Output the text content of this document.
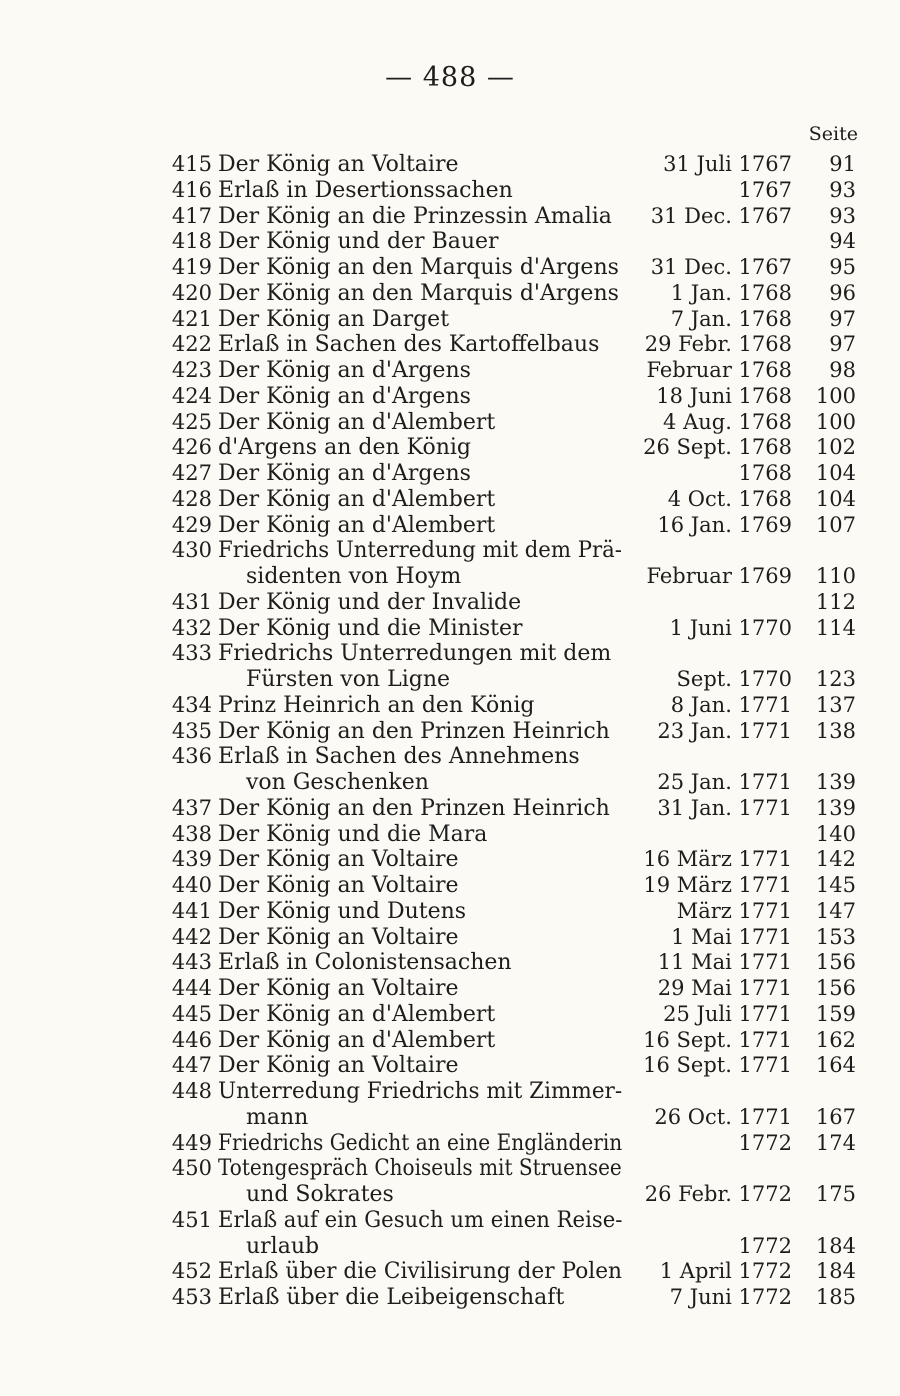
— 488 —
Seite
415 Der König an Voltaire	31 Juli 1767 91
416 Erlaß in Desertionssachen	1767 93
417 Der König an die Prinzessin Amalia 31 Dec. 1767 93
418 Der König und der Bauer	94
419 Der König an den Marquis d'Argens 31 Dec. 1767 95
420 Der König an den Marquis d'Argens 1 Jan. 1768 96
421 Der König an Darget	7 Jan. 1768 97
422 Erlaß in Sachen des Kartoffelbaus 29 Febr. 1768 97
423 Der König an d'Argens	Februar 1768 98
424 Der König an d'Argens	18 Juni 1768 100
425 Der König an d'Alembert	4 Aug. 1768 100
426 d'Argens an den König	26 Sept. 1768 102
427 Der König an d'Argens	1768 104
428 Der König an d'Alembert	4 Oct. 1768 104
429 Der König an d'Alembert	16 Jan. 1769 107
430 Friedrichs Unterredung mit dem Prä-
sidenten von Hoym	Februar 1769 110
431 Der König und der Invalide	112
432 Der König und die Minister	1 Juni 1770 114
433 Friedrichs Unterredungen mit dem
Fürsten von Ligne	Sept. 1770 123
434 Prinz Heinrich an den König	8 Jan. 1771 137
435 Der König an den Prinzen Heinrich 23 Jan. 1771 138
436 Erlaß in Sachen des Annehmens
von Geschenken	25 Jan. 1771 139
437 Der König an den Prinzen Heinrich 31 Jan. 1771 139
438 Der König und die Mara	140
439 Der König an Voltaire	16 März 1771 142
440 Der König an Voltaire	19 März 1771 145
441 Der König und Dutens	März 1771 147
442 Der König an Voltaire	1 Mai 1771 153
443 Erlaß in Colonistensachen	11 Mai 1771 156
444 Der König an Voltaire	29 Mai 1771 156
445 Der König an d'Alembert	25 Juli 1771 159
446 Der König an d'Alembert	16 Sept. 1771 162
447 Der König an Voltaire	16 Sept. 1771 164
448 Unterredung Friedrichs mit Zimmer-
mann	26 Oct. 1771 167
449 Friedrichs Gedicht an eine Engländerin	1772 174
450 Totengespräch Choiseuls mit Struensee
und Sokrates	26 Febr. 1772 175
451 Erlaß auf ein Gesuch um einen Reise-
urlaub	1772 184
452 Erlaß über die Civilisirung der Polen 1 April 1772 184
453 Erlaß über die Leibeigenschaft	7 Juni 1772 185
